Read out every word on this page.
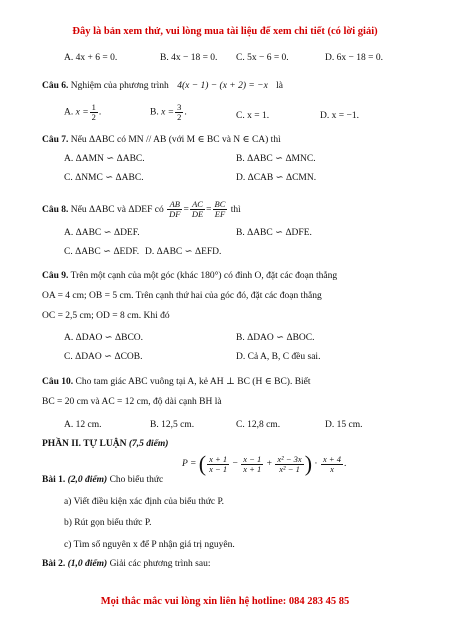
Đây là bản xem thử, vui lòng mua tài liệu để xem chi tiết (có lời giải)
A. 4x + 6 = 0.	B. 4x − 18 = 0. C. 5x − 6 = 0.	D. 6x − 18 = 0.
Câu 6. Nghiệm của phương trình 4(x − 1) − (x + 2) = −x là
A. $x = \frac{1}{2}$ .	B. $x = \frac{3}{2}$ .	C. x = 1.	D. x = −1.
Câu 7. Nếu ΔABC có MN // AB (với M ∈ BC và N ∈ CA) thì
A. ΔAMN ∽ ΔABC.	B. ΔABC ∽ ΔMNC.
C. ΔNMC ∽ ΔABC.	D. ΔCAB ∽ ΔCMN.
Câu 8. Nếu ΔABC và ΔDEF có $\frac{AB}{DF} = \frac{AC}{DE} = \frac{BC}{EF}$ thì
A. ΔABC ∽ ΔDEF.	B. ΔABC ∽ ΔDFE.
C. ΔABC ∽ ΔEDF. D. ΔABC ∽ ΔEFD.
Câu 9. Trên một cạnh của một góc (khác 180°) có đỉnh O, đặt các đoạn thẳng
OA = 4 cm; OB = 5 cm. Trên cạnh thứ hai của góc đó, đặt các đoạn thẳng
OC = 2,5 cm; OD = 8 cm. Khi đó
A. ΔDAO ∽ ΔBCO.	B. ΔDAO ∽ ΔBOC.
C. ΔDAO ∽ ΔCOB.	D. Cả A, B, C đều sai.
Câu 10. Cho tam giác ABC vuông tại A, kẻ AH ⊥ BC (H ∈ BC). Biết
BC = 20 cm và AC = 12 cm, độ dài cạnh BH là
A. 12 cm.	B. 12,5 cm.	C. 12,8 cm.	D. 15 cm.
PHẦN II. TỰ LUẬN (7,5 điểm)
P = ( $\frac{x + 1}{x - 1} - \frac{x - 1}{x + 1} + \frac{\text{x² − 3x}}{\text{x² − 1}}$ ) · $\frac{x + 4}{x}$ .
Bài 1. (2,0 điểm) Cho biểu thức
a) Viết điều kiện xác định của biểu thức P.
b) Rút gọn biểu thức P.
c) Tìm số nguyên x để P nhận giá trị nguyên.
Bài 2. (1,0 điểm) Giải các phương trình sau:
Mọi thắc mắc vui lòng xin liên hệ hotline: 084 283 45 85
